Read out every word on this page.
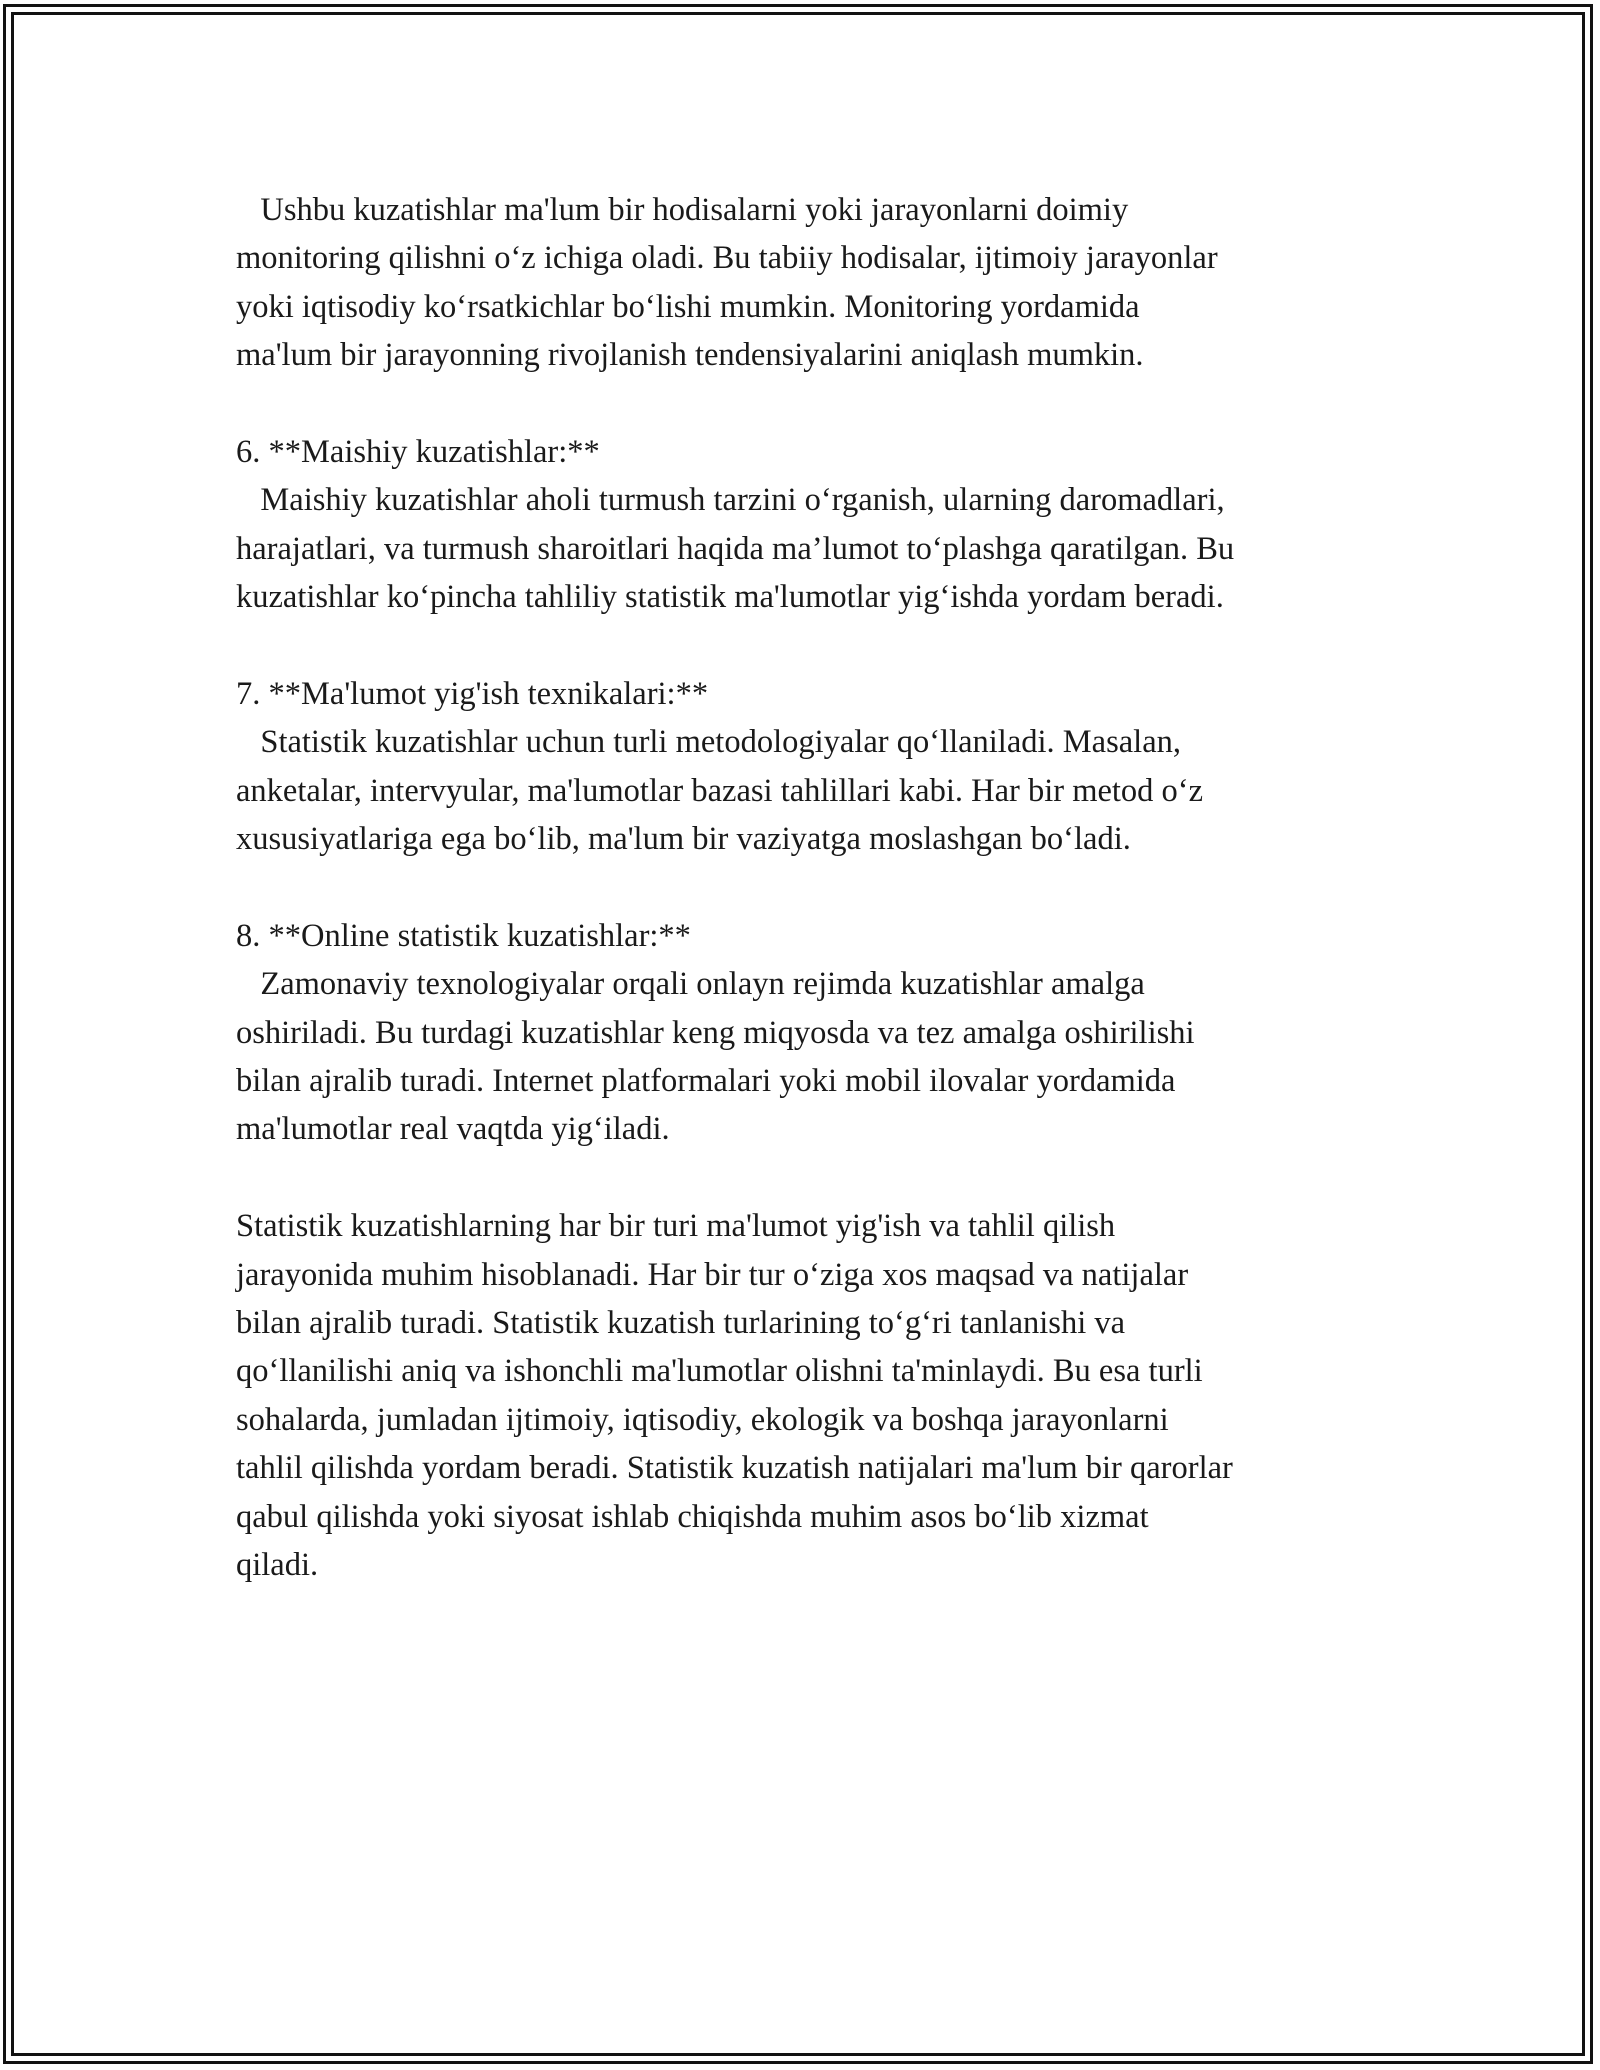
Ushbu kuzatishlar ma'lum bir hodisalarni yoki jarayonlarni doimiy
monitoring qilishni o‘z ichiga oladi. Bu tabiiy hodisalar, ijtimoiy jarayonlar
yoki iqtisodiy ko‘rsatkichlar bo‘lishi mumkin. Monitoring yordamida
ma'lum bir jarayonning rivojlanish tendensiyalarini aniqlash mumkin.
6. **Maishiy kuzatishlar:**
Maishiy kuzatishlar aholi turmush tarzini o‘rganish, ularning daromadlari,
harajatlari, va turmush sharoitlari haqida ma’lumot to‘plashga qaratilgan. Bu
kuzatishlar ko‘pincha tahliliy statistik ma'lumotlar yig‘ishda yordam beradi.
7. **Ma'lumot yig'ish texnikalari:**
Statistik kuzatishlar uchun turli metodologiyalar qo‘llaniladi. Masalan,
anketalar, intervyular, ma'lumotlar bazasi tahlillari kabi. Har bir metod o‘z
xususiyatlariga ega bo‘lib, ma'lum bir vaziyatga moslashgan bo‘ladi.
8. **Online statistik kuzatishlar:**
Zamonaviy texnologiyalar orqali onlayn rejimda kuzatishlar amalga
oshiriladi. Bu turdagi kuzatishlar keng miqyosda va tez amalga oshirilishi
bilan ajralib turadi. Internet platformalari yoki mobil ilovalar yordamida
ma'lumotlar real vaqtda yig‘iladi.
Statistik kuzatishlarning har bir turi ma'lumot yig'ish va tahlil qilish
jarayonida muhim hisoblanadi. Har bir tur o‘ziga xos maqsad va natijalar
bilan ajralib turadi. Statistik kuzatish turlarining to‘g‘ri tanlanishi va
qo‘llanilishi aniq va ishonchli ma'lumotlar olishni ta'minlaydi. Bu esa turli
sohalarda, jumladan ijtimoiy, iqtisodiy, ekologik va boshqa jarayonlarni
tahlil qilishda yordam beradi. Statistik kuzatish natijalari ma'lum bir qarorlar
qabul qilishda yoki siyosat ishlab chiqishda muhim asos bo‘lib xizmat
qiladi.
